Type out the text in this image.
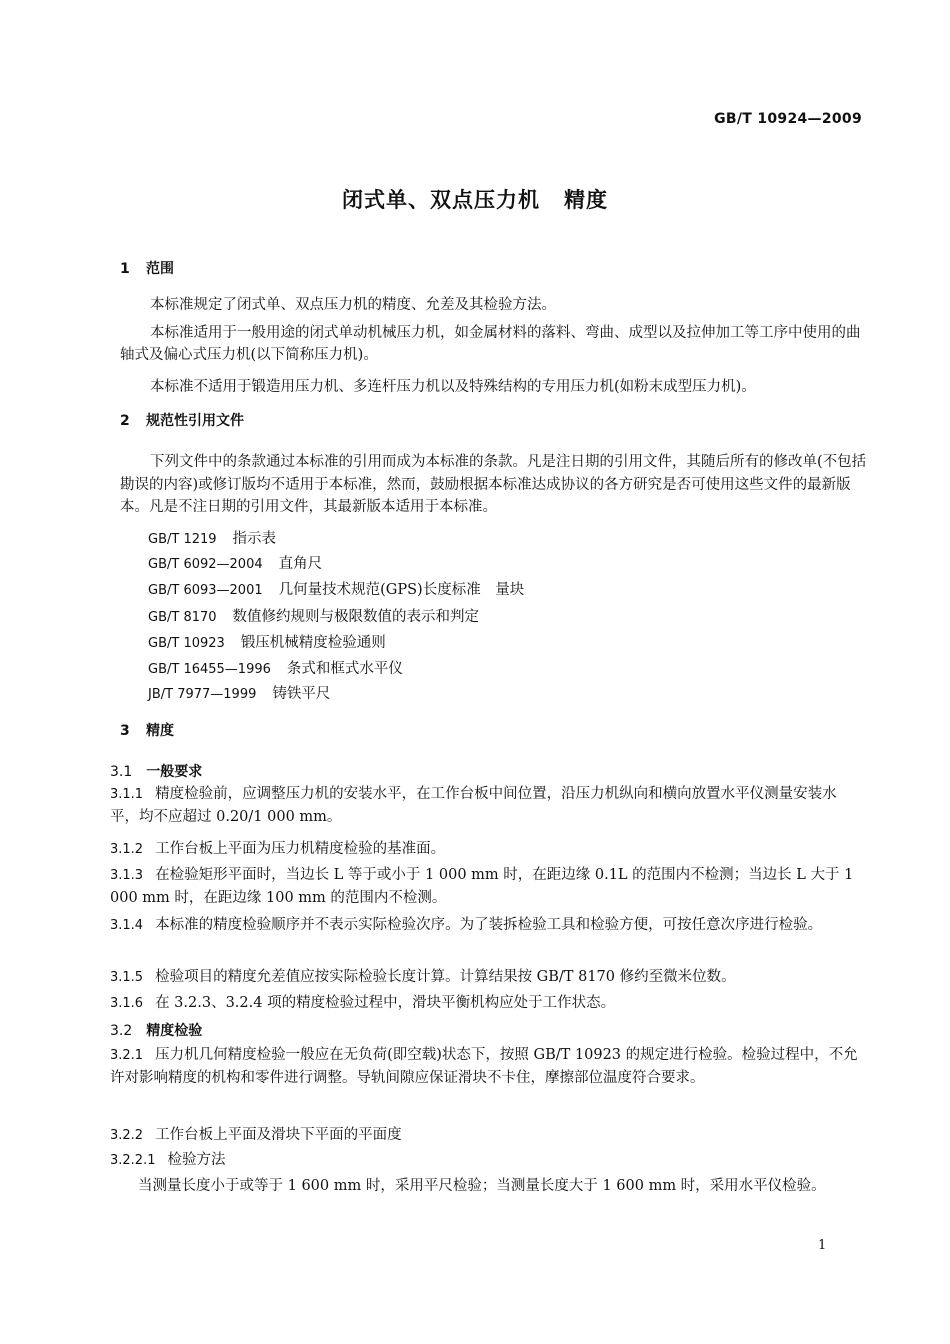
GB/T 10924—2009
闭式单、双点压力机 精度
1 范围
本标准规定了闭式单、双点压力机的精度、允差及其检验方法。
本标准适用于一般用途的闭式单动机械压力机，如金属材料的落料、弯曲、成型以及拉伸加工等工序中使用的曲轴式及偏心式压力机(以下简称压力机)。
本标准不适用于锻造用压力机、多连杆压力机以及特殊结构的专用压力机(如粉末成型压力机)。
2 规范性引用文件
下列文件中的条款通过本标准的引用而成为本标准的条款。凡是注日期的引用文件，其随后所有的修改单(不包括勘误的内容)或修订版均不适用于本标准，然而，鼓励根据本标准达成协议的各方研究是否可使用这些文件的最新版本。凡是不注日期的引用文件，其最新版本适用于本标准。
GB/T 1219 指示表
GB/T 6092—2004 直角尺
GB/T 6093—2001 几何量技术规范(GPS)长度标准　量块
GB/T 8170 数值修约规则与极限数值的表示和判定
GB/T 10923 锻压机械精度检验通则
GB/T 16455—1996 条式和框式水平仪
JB/T 7977—1999 铸铁平尺
3 精度
3.1 一般要求
3.1.1 精度检验前，应调整压力机的安装水平，在工作台板中间位置，沿压力机纵向和横向放置水平仪测量安装水平，均不应超过 0.20/1 000 mm。
3.1.2 工作台板上平面为压力机精度检验的基准面。
3.1.3 在检验矩形平面时，当边长 L 等于或小于 1 000 mm 时，在距边缘 0.1L 的范围内不检测；当边长 L 大于 1 000 mm 时，在距边缘 100 mm 的范围内不检测。
3.1.4 本标准的精度检验顺序并不表示实际检验次序。为了装拆检验工具和检验方便，可按任意次序进行检验。
3.1.5 检验项目的精度允差值应按实际检验长度计算。计算结果按 GB/T 8170 修约至微米位数。
3.1.6 在 3.2.3、3.2.4 项的精度检验过程中，滑块平衡机构应处于工作状态。
3.2 精度检验
3.2.1 压力机几何精度检验一般应在无负荷(即空载)状态下，按照 GB/T 10923 的规定进行检验。检验过程中，不允许对影响精度的机构和零件进行调整。导轨间隙应保证滑块不卡住，摩擦部位温度符合要求。
3.2.2 工作台板上平面及滑块下平面的平面度
3.2.2.1 检验方法
当测量长度小于或等于 1 600 mm 时，采用平尺检验；当测量长度大于 1 600 mm 时，采用水平仪检验。
1
